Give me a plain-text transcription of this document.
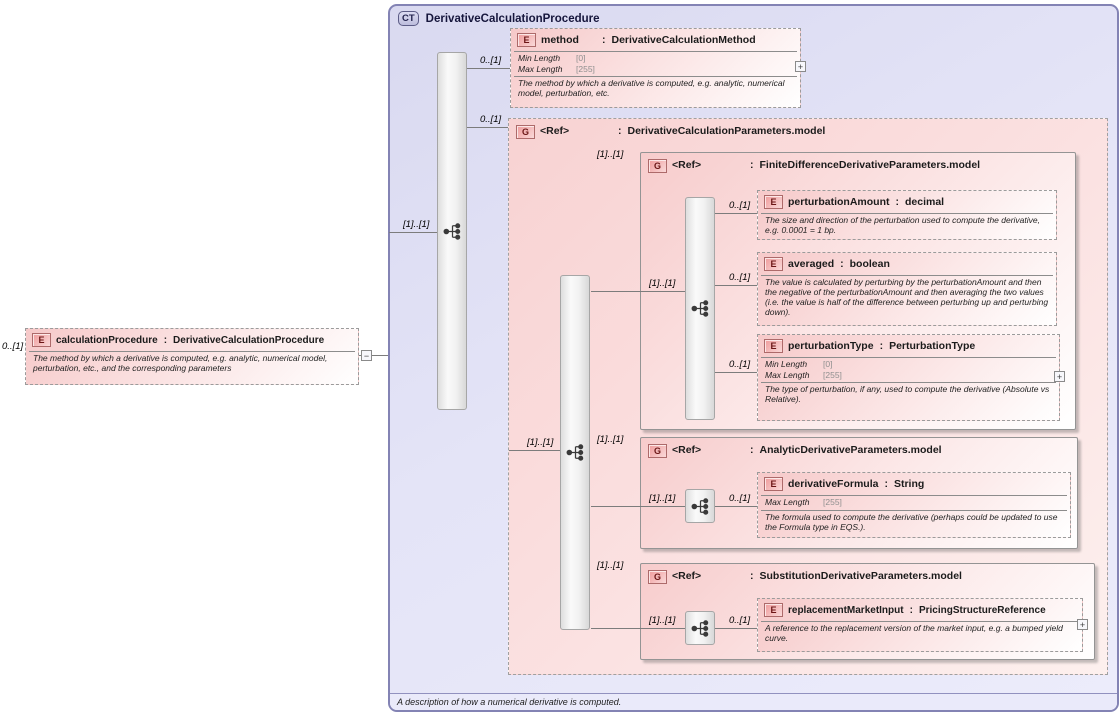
CT DerivativeCalculationProcedure
A description of how a numerical derivative is computed.
G	<Ref>	: DerivativeCalculationParameters.model
G	<Ref>	: FiniteDifferenceDerivativeParameters.model
G	<Ref>	: AnalyticDerivativeParameters.model
G	<Ref>	: SubstitutionDerivativeParameters.model
0..[1]
[1]..[1]
0..[1]
0..[1]
[1]..[1]
[1]..[1]
[1]..[1]
0..[1]
0..[1]
0..[1]
[1]..[1]
[1]..[1]	0..[1]
[1]..[1]
[1]..[1]	0..[1]
E	calculationProcedure : DerivativeCalculationProcedure
The method by which a derivative is computed, e.g. analytic, numerical model, perturbation, etc., and the corresponding parameters
−
E	method	: DerivativeCalculationMethod
Min Length	[0]
Max Length	[255]
The method by which a derivative is computed, e.g. analytic, numerical model, perturbation, etc.
+
E	perturbationAmount : decimal
The size and direction of the perturbation used to compute the derivative, e.g. 0.0001 = 1 bp.
E	averaged : boolean
The value is calculated by perturbing by the perturbationAmount and then the negative of the perturbationAmount and then averaging the two values (i.e. the value is half of the difference between perturbing up and perturbing down).
E	perturbationType : PerturbationType
Min Length	[0]
Max Length	[255]
The type of perturbation, if any, used to compute the derivative (Absolute vs Relative).
+
E	derivativeFormula : String
Max Length	[255]
The formula used to compute the derivative (perhaps could be updated to use the Formula type in EQS.).
E	replacementMarketInput : PricingStructureReference
A reference to the replacement version of the market input, e.g. a bumped yield curve.
+
